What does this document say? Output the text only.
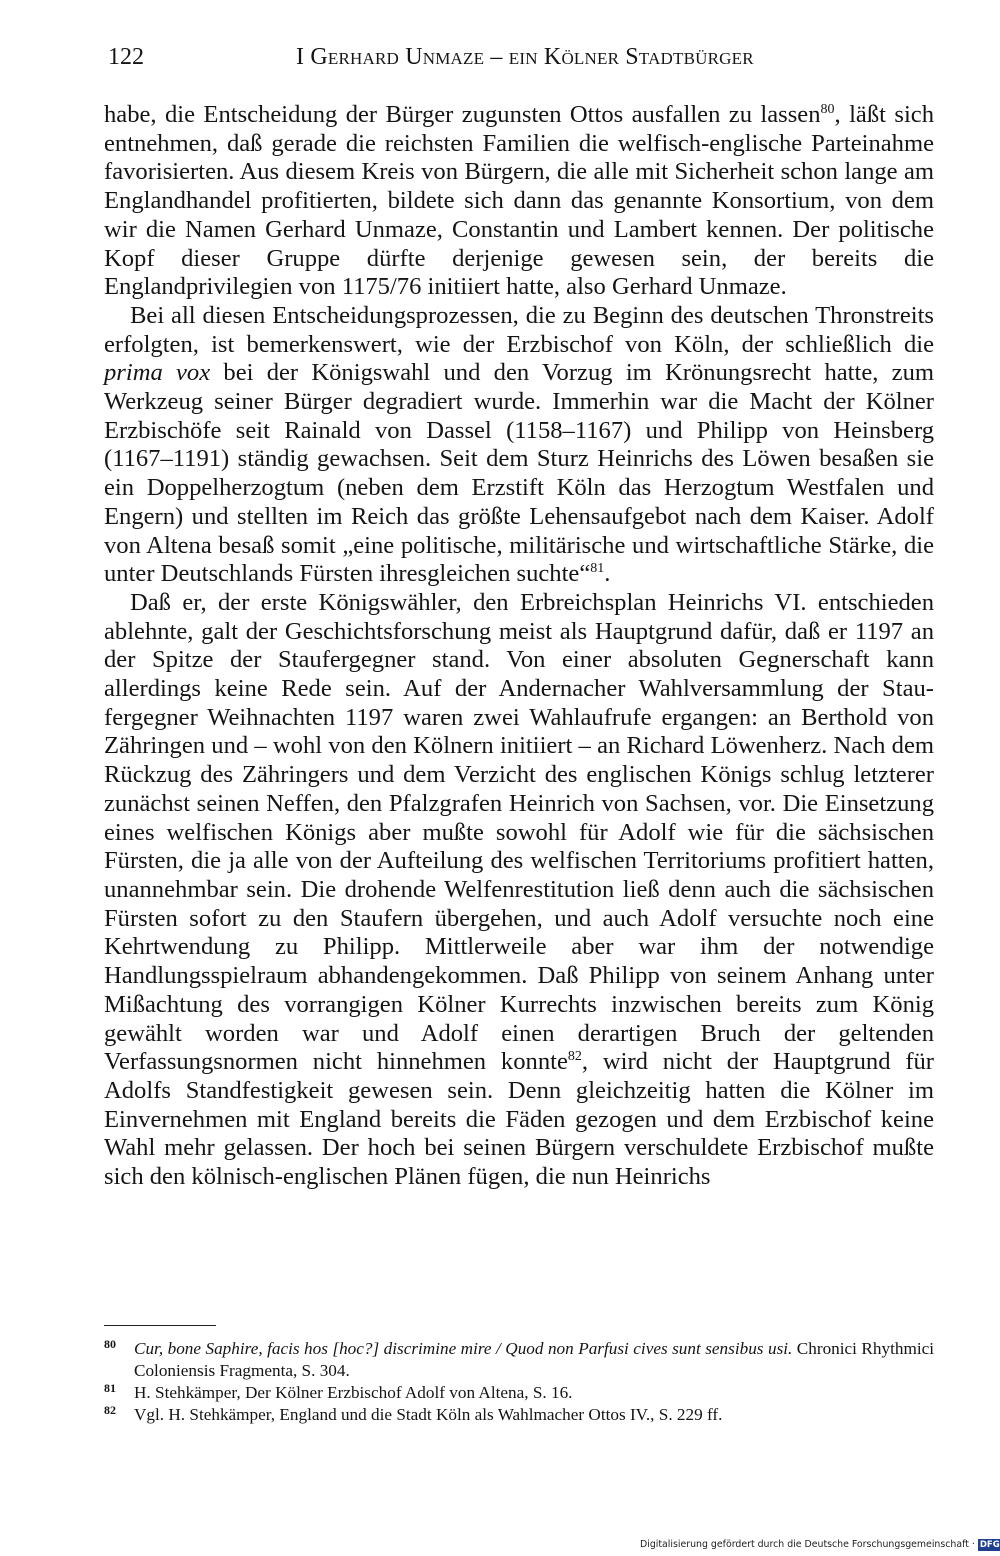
122	I Gerhard Unmaze – ein Kölner Stadtbürger

habe, die Entscheidung der Bürger zugunsten Ottos ausfallen zu lassen$^{80}$, läßt sich entnehmen, daß gerade die reichsten Familien die welfisch-englische Parteinahme favorisierten. Aus diesem Kreis von Bürgern, die alle mit Sicherheit schon lange am Englandhandel profitierten, bildete sich dann das genannte Konsortium, von dem wir die Namen Gerhard Unmaze, Constantin und Lambert kennen. Der politische Kopf dieser Gruppe dürfte derjenige gewesen sein, der bereits die Englandprivilegien von 1175/76 initiiert hatte, also Gerhard Unmaze.

Bei all diesen Entscheidungsprozessen, die zu Beginn des deutschen Thronstreits erfolgten, ist bemerkenswert, wie der Erzbischof von Köln, der schließlich die prima vox bei der Königswahl und den Vorzug im Krönungsrecht hatte, zum Werkzeug seiner Bürger degradiert wurde. Immerhin war die Macht der Kölner Erzbischöfe seit Rainald von Dassel (1158–1167) und Philipp von Heinsberg (1167–1191) ständig gewachsen. Seit dem Sturz Heinrichs des Löwen besaßen sie ein Doppelherzogtum (neben dem Erzstift Köln das Herzogtum Westfalen und Engern) und stellten im Reich das größte Lehensaufgebot nach dem Kaiser. Adolf von Altena besaß somit „eine politische, militärische und wirtschaftliche Stärke, die unter Deutschlands Fürsten ihresgleichen suchte“$^{81}$.

Daß er, der erste Königswähler, den Erbreichsplan Heinrichs VI. entschieden ablehnte, galt der Geschichtsforschung meist als Hauptgrund dafür, daß er 1197 an der Spitze der Staufergegner stand. Von einer absoluten Gegnerschaft kann allerdings keine Rede sein. Auf der Andernacher Wahlversammlung der Staufergegner Weihnachten 1197 waren zwei Wahlaufrufe ergangen: an Berthold von Zähringen und – wohl von den Kölnern initiiert – an Richard Löwenherz. Nach dem Rückzug des Zähringers und dem Verzicht des englischen Königs schlug letzterer zunächst seinen Neffen, den Pfalzgrafen Heinrich von Sachsen, vor. Die Einsetzung eines welfischen Königs aber mußte sowohl für Adolf wie für die sächsischen Fürsten, die ja alle von der Aufteilung des welfischen Territoriums profitiert hatten, unannehmbar sein. Die drohende Welfenrestitution ließ denn auch die sächsischen Fürsten sofort zu den Staufern übergehen, und auch Adolf versuchte noch eine Kehrtwendung zu Philipp. Mittlerweile aber war ihm der notwendige Handlungsspielraum abhandengekommen. Daß Philipp von seinem Anhang unter Mißachtung des vorrangigen Kölner Kurrechts inzwischen bereits zum König gewählt worden war und Adolf einen derartigen Bruch der geltenden Verfassungsnormen nicht hinnehmen konnte$^{82}$, wird nicht der Hauptgrund für Adolfs Standfestigkeit gewesen sein. Denn gleichzeitig hatten die Kölner im Einvernehmen mit England bereits die Fäden gezogen und dem Erzbischof keine Wahl mehr gelassen. Der hoch bei seinen Bürgern verschuldete Erzbischof mußte sich den kölnisch-englischen Plänen fügen, die nun Heinrichs

80 Cur, bone Saphire, facis hos [hoc?] discrimine mire / Quod non Parfusi cives sunt sensibus usi. Chronici Rhythmici Coloniensis Fragmenta, S. 304.
81 H. Stehkämper, Der Kölner Erzbischof Adolf von Altena, S. 16.
82 Vgl. H. Stehkämper, England und die Stadt Köln als Wahlmacher Ottos IV., S. 229 ff.
Digitalisierung gefördert durch die Deutsche Forschungsgemeinschaft · DFG
